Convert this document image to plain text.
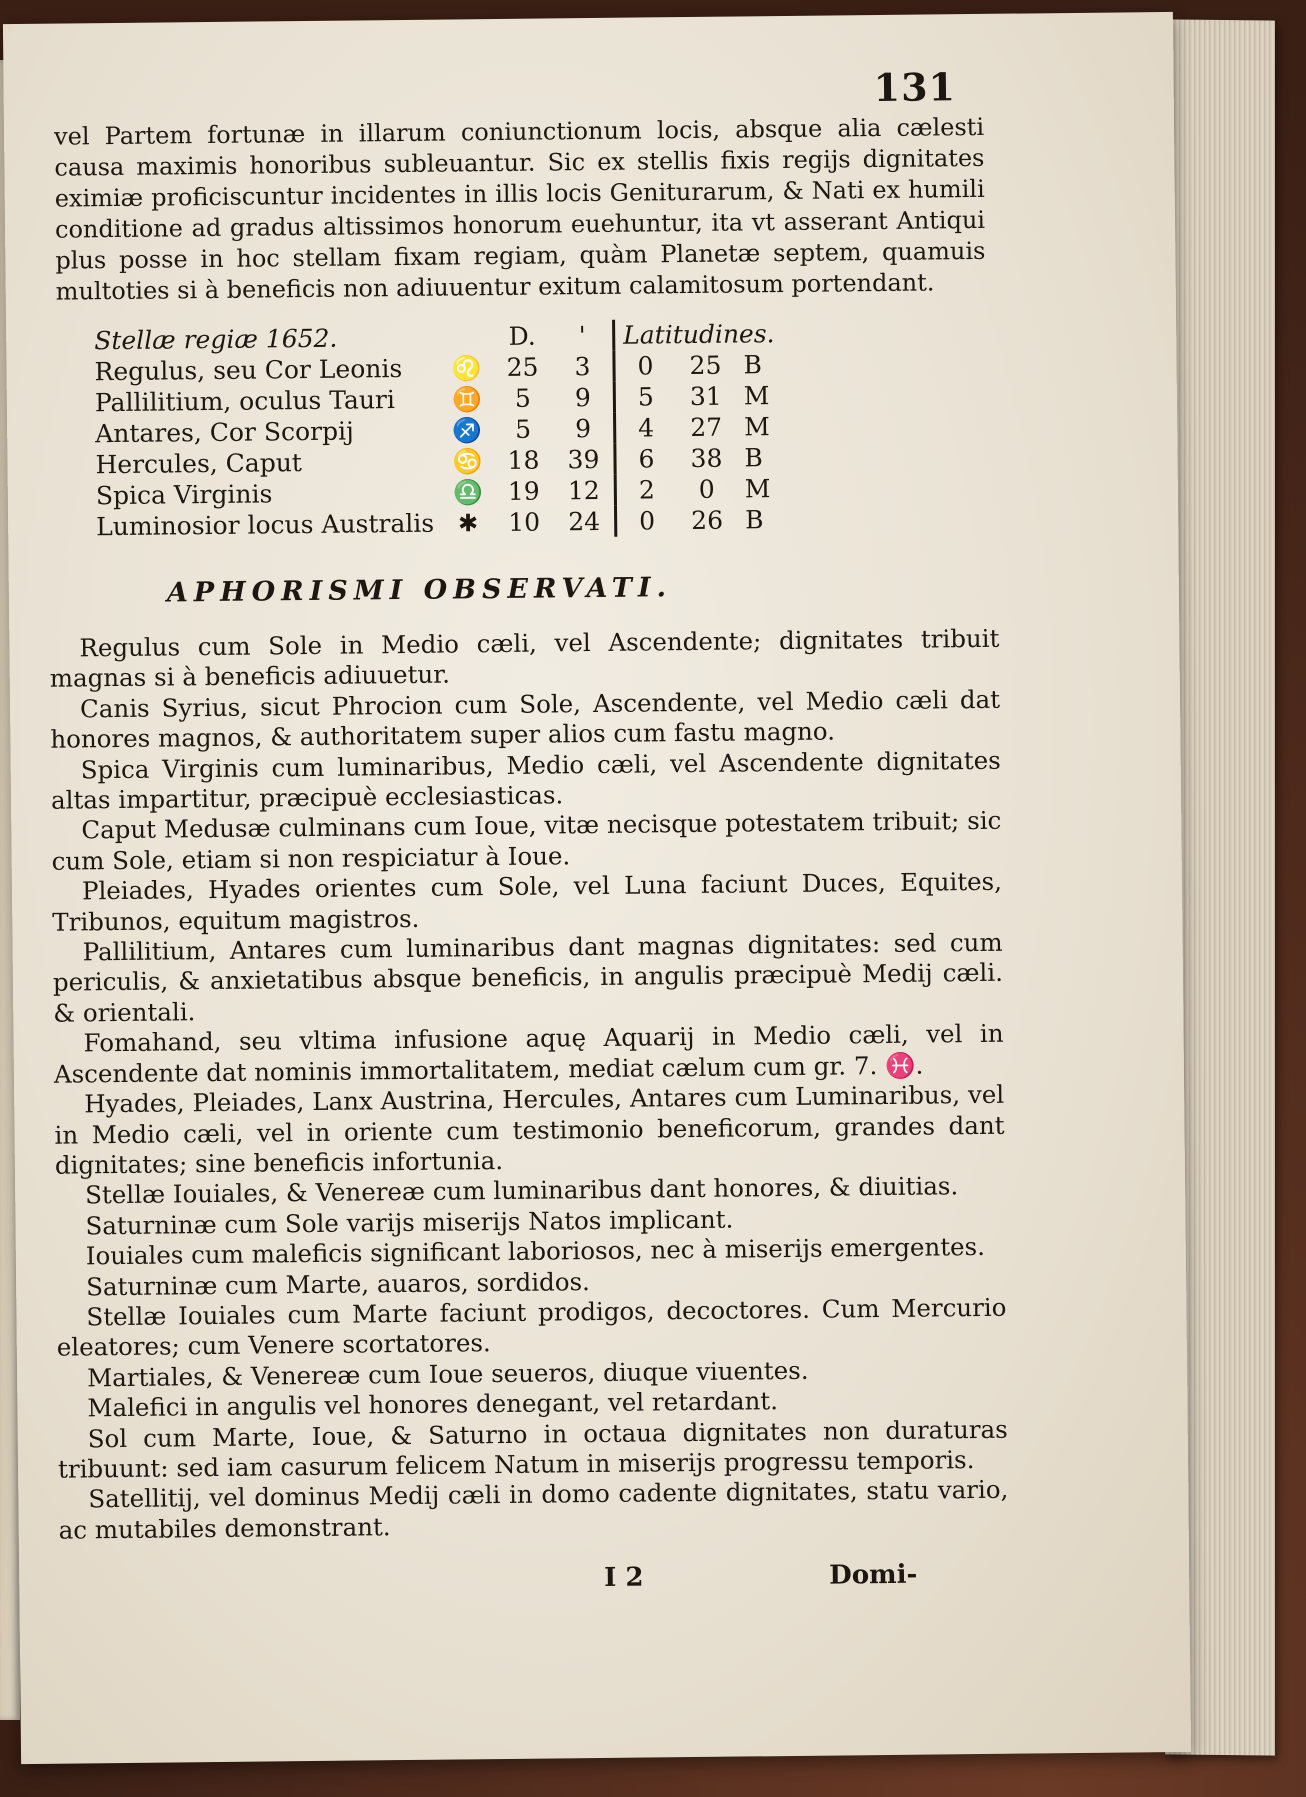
131
vel Partem fortunæ in illarum coniunctionum locis, absque alia cælesti causa maximis honoribus subleuantur. Sic ex stellis fixis regijs dignitates eximiæ proficiscuntur incidentes in illis locis Geniturarum, & Nati ex humili conditione ad gradus altissimos honorum euehuntur, ita vt asserant Antiqui plus posse in hoc stellam fixam regiam, quàm Planetæ septem, quamuis multoties si à beneficis non adiuuentur exitum calamitosum portendant.
Stellæ regiæ 1652.		D.	'	Latitudines.		
Regulus, seu Cor Leonis	♌	25	3	0	25	B
Pallilitium, oculus Tauri	♊	5	9	5	31	M
Antares, Cor Scorpij	♐	5	9	4	27	M
Hercules, Caput	♋	18	39	6	38	B
Spica Virginis	♎	19	12	2	0	M
Luminosior locus Australis	✱	10	24	0	26	B
APHORISMI OBSERVATI.

Regulus cum Sole in Medio cæli, vel Ascendente; dignitates tribuit magnas si à beneficis adiuuetur.

Canis Syrius, sicut Phrocion cum Sole, Ascendente, vel Medio cæli dat honores magnos, & authoritatem super alios cum fastu magno.

Spica Virginis cum luminaribus, Medio cæli, vel Ascendente dignitates altas impartitur, præcipuè ecclesiasticas.

Caput Medusæ culminans cum Ioue, vitæ necisque potestatem tribuit; sic cum Sole, etiam si non respiciatur à Ioue.

Pleiades, Hyades orientes cum Sole, vel Luna faciunt Duces, Equites, Tribunos, equitum magistros.

Pallilitium, Antares cum luminaribus dant magnas dignitates: sed cum periculis, & anxietatibus absque beneficis, in angulis præcipuè Medij cæli. & orientali.

Fomahand, seu vltima infusione aquę Aquarij in Medio cæli, vel in Ascendente dat nominis immortalitatem, mediat cælum cum gr. 7. ♓.

Hyades, Pleiades, Lanx Austrina, Hercules, Antares cum Luminaribus, vel in Medio cæli, vel in oriente cum testimonio beneficorum, grandes dant dignitates; sine beneficis infortunia.

Stellæ Iouiales, & Venereæ cum luminaribus dant honores, & diuitias.

Saturninæ cum Sole varijs miserijs Natos implicant.

Iouiales cum maleficis significant laboriosos, nec à miserijs emergentes.

Saturninæ cum Marte, auaros, sordidos.

Stellæ Iouiales cum Marte faciunt prodigos, decoctores. Cum Mercurio eleatores; cum Venere scortatores.

Martiales, & Venereæ cum Ioue seueros, diuque viuentes.

Malefici in angulis vel honores denegant, vel retardant.

Sol cum Marte, Ioue, & Saturno in octaua dignitates non duraturas tribuunt: sed iam casurum felicem Natum in miserijs progressu temporis.

Satellitij, vel dominus Medij cæli in domo cadente dignitates, statu vario, ac mutabiles demonstrant.

I 2	Domi-
